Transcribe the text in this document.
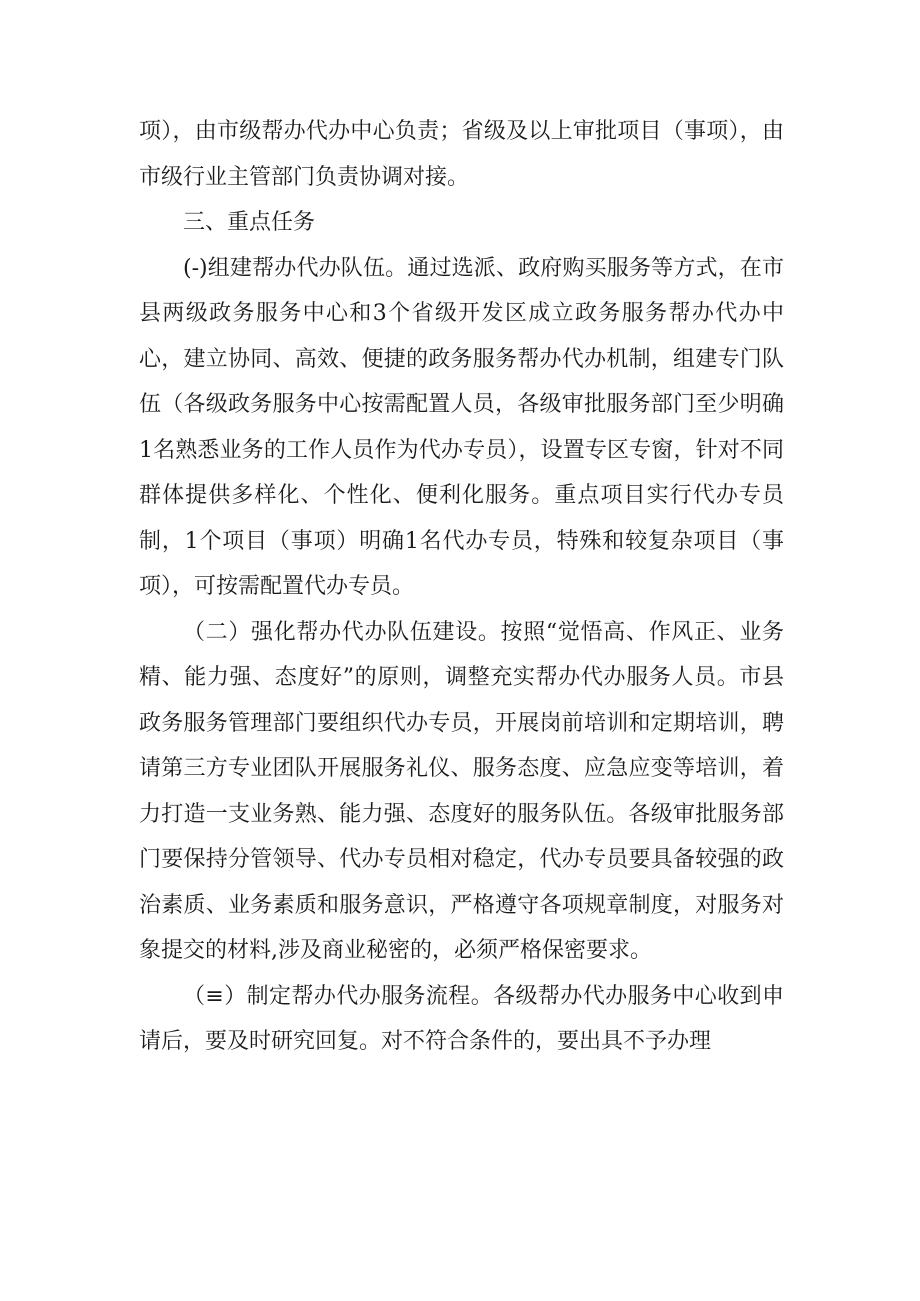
项），由市级帮办代办中心负责；省级及以上审批项目（事项），由市级行业主管部门负责协调对接。

三、重点任务

(-)组建帮办代办队伍。通过选派、政府购买服务等方式，在市县两级政务服务中心和3个省级开发区成立政务服务帮办代办中心，建立协同、高效、便捷的政务服务帮办代办机制，组建专门队伍（各级政务服务中心按需配置人员，各级审批服务部门至少明确1名熟悉业务的工作人员作为代办专员），设置专区专窗，针对不同群体提供多样化、个性化、便利化服务。重点项目实行代办专员制，1个项目（事项）明确1名代办专员，特殊和较复杂项目（事项），可按需配置代办专员。

（二）强化帮办代办队伍建设。按照“觉悟高、作风正、业务精、能力强、态度好”的原则，调整充实帮办代办服务人员。市县政务服务管理部门要组织代办专员，开展岗前培训和定期培训，聘请第三方专业团队开展服务礼仪、服务态度、应急应变等培训，着力打造一支业务熟、能力强、态度好的服务队伍。各级审批服务部门要保持分管领导、代办专员相对稳定，代办专员要具备较强的政治素质、业务素质和服务意识，严格遵守各项规章制度，对服务对象提交的材料,涉及商业秘密的，必须严格保密要求。

（≡）制定帮办代办服务流程。各级帮办代办服务中心收到申请后，要及时研究回复。对不符合条件的，要出具不予办理
